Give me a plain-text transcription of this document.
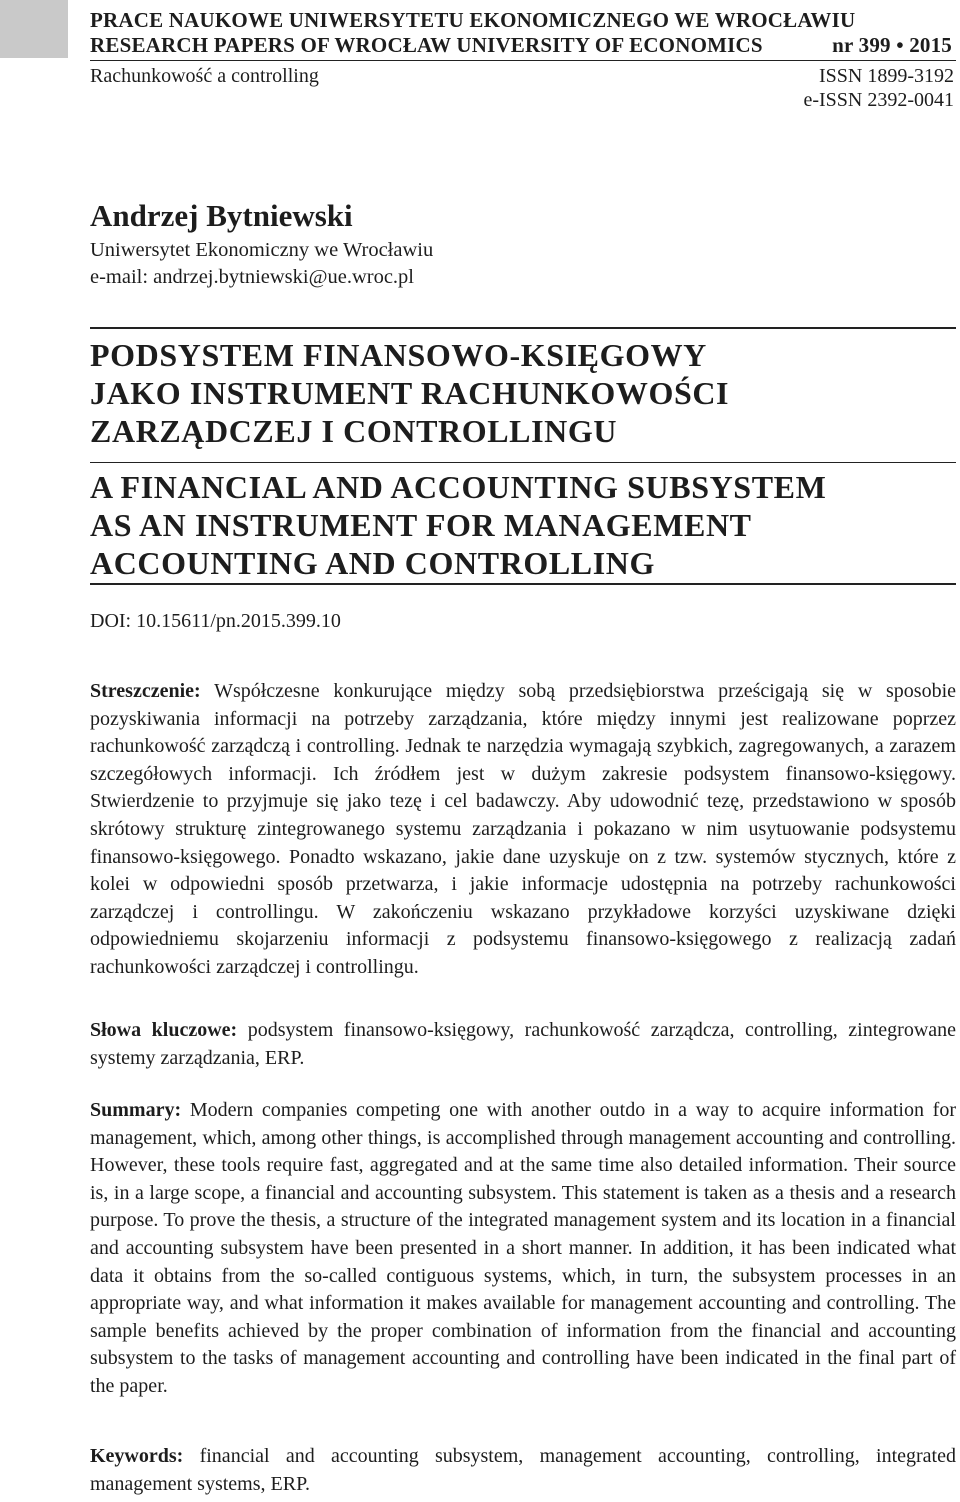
PRACE NAUKOWE UNIWERSYTETU EKONOMICZNEGO WE WROCŁAWIU
RESEARCH PAPERS OF WROCŁAW UNIVERSITY OF ECONOMICS	nr 399 • 2015
Rachunkowość a controlling	ISSN 1899-3192
e-ISSN 2392-0041
Andrzej Bytniewski
Uniwersytet Ekonomiczny we Wrocławiu
e-mail: andrzej.bytniewski@ue.wroc.pl
PODSYSTEM FINANSOWO-KSIĘGOWY
JAKO INSTRUMENT RACHUNKOWOŚCI
ZARZĄDCZEJ I CONTROLLINGU
A FINANCIAL AND ACCOUNTING SUBSYSTEM
AS AN INSTRUMENT FOR MANAGEMENT
ACCOUNTING AND CONTROLLING
DOI: 10.15611/pn.2015.399.10
Streszczenie: Współczesne konkurujące między sobą przedsiębiorstwa prześcigają się w sposobie pozyskiwania informacji na potrzeby zarządzania, które między innymi jest realizowane poprzez rachunkowość zarządczą i controlling. Jednak te narzędzia wymagają szybkich, zagregowanych, a zarazem szczegółowych informacji. Ich źródłem jest w dużym zakresie podsystem finansowo-księgowy. Stwierdzenie to przyjmuje się jako tezę i cel badawczy. Aby udowodnić tezę, przedstawiono w sposób skrótowy strukturę zintegrowanego systemu zarządzania i pokazano w nim usytuowanie podsystemu finansowo-księgowego. Ponadto wskazano, jakie dane uzyskuje on z tzw. systemów stycznych, które z kolei w odpowiedni sposób przetwarza, i jakie informacje udostępnia na potrzeby rachunkowości zarządczej i controllingu. W zakończeniu wskazano przykładowe korzyści uzyskiwane dzięki odpowiedniemu skojarzeniu informacji z podsystemu finansowo-księgowego z realizacją zadań rachunkowości zarządczej i controllingu.
Słowa kluczowe: podsystem finansowo-księgowy, rachunkowość zarządcza, controlling, zintegrowane systemy zarządzania, ERP.
Summary: Modern companies competing one with another outdo in a way to acquire information for management, which, among other things, is accomplished through management accounting and controlling. However, these tools require fast, aggregated and at the same time also detailed information. Their source is, in a large scope, a financial and accounting subsystem. This statement is taken as a thesis and a research purpose. To prove the thesis, a structure of the integrated management system and its location in a financial and accounting subsystem have been presented in a short manner. In addition, it has been indicated what data it obtains from the so-called contiguous systems, which, in turn, the subsystem processes in an appropriate way, and what information it makes available for management accounting and controlling. The sample benefits achieved by the proper combination of information from the financial and accounting subsystem to the tasks of management accounting and controlling have been indicated in the final part of the paper.
Keywords: financial and accounting subsystem, management accounting, controlling, integrated management systems, ERP.
